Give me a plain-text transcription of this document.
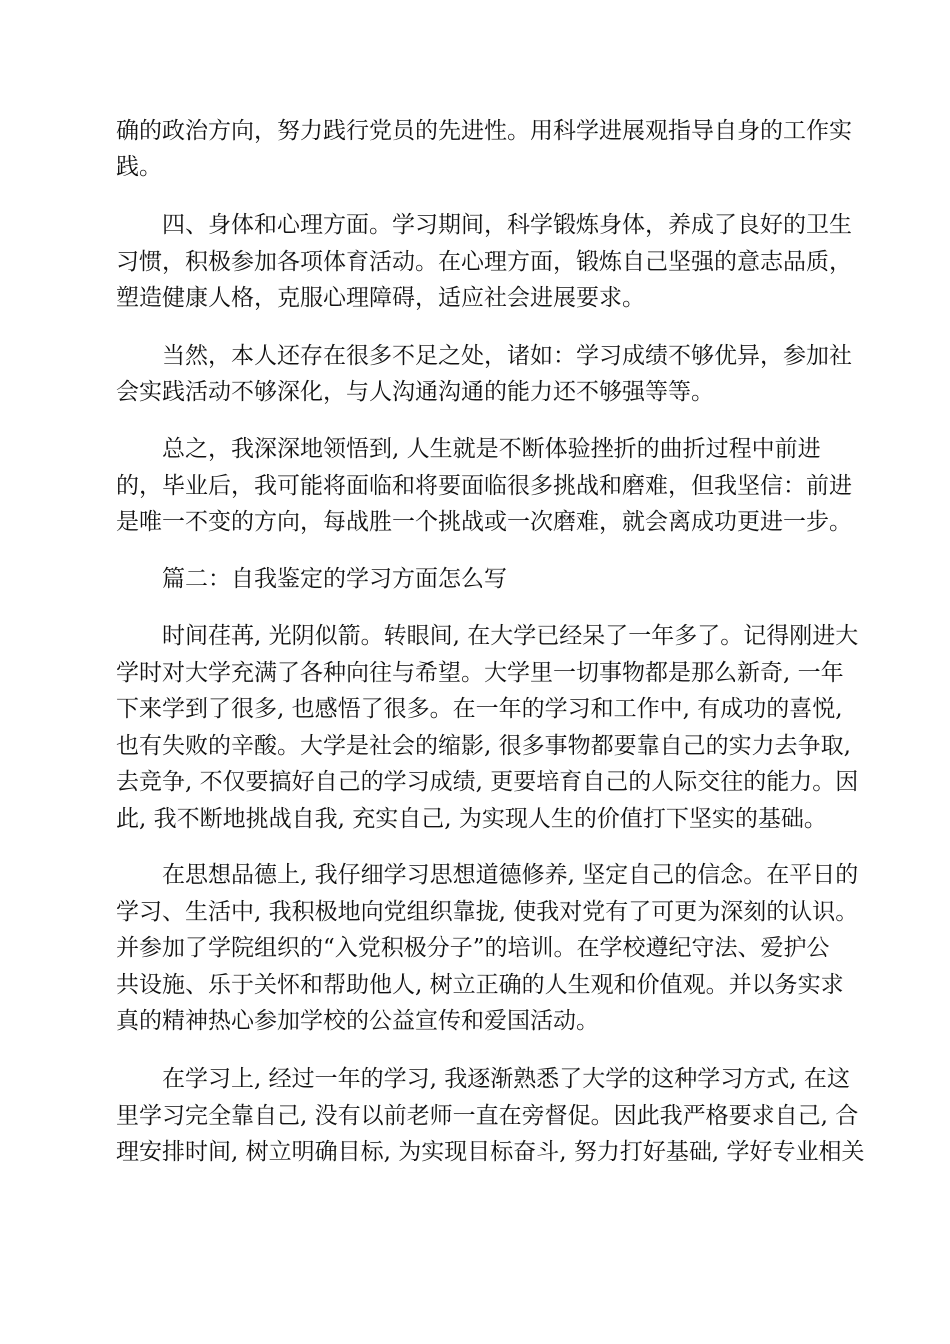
确的政治方向，努力践行党员的先进性。用科学进展观指导自身的工作实
践。
四、身体和心理方面。学习期间，科学锻炼身体，养成了良好的卫生
习惯，积极参加各项体育活动。在心理方面，锻炼自己坚强的意志品质，
塑造健康人格，克服心理障碍，适应社会进展要求。
当然，本人还存在很多不足之处，诸如：学习成绩不够优异，参加社
会实践活动不够深化，与人沟通沟通的能力还不够强等等。
总之，我深深地领悟到, 人生就是不断体验挫折的曲折过程中前进
的，毕业后，我可能将面临和将要面临很多挑战和磨难，但我坚信：前进
是唯一不变的方向，每战胜一个挑战或一次磨难，就会离成功更进一步。
篇二：自我鉴定的学习方面怎么写
时间荏苒, 光阴似箭。转眼间, 在大学已经呆了一年多了。记得刚进大
学时对大学充满了各种向往与希望。大学里一切事物都是那么新奇, 一年
下来学到了很多, 也感悟了很多。在一年的学习和工作中, 有成功的喜悦,
也有失败的辛酸。大学是社会的缩影, 很多事物都要靠自己的实力去争取,
去竞争, 不仅要搞好自己的学习成绩, 更要培育自己的人际交往的能力。因
此, 我不断地挑战自我, 充实自己, 为实现人生的价值打下坚实的基础。
在思想品德上, 我仔细学习思想道德修养, 坚定自己的信念。在平日的
学习、生活中, 我积极地向党组织靠拢, 使我对党有了可更为深刻的认识。
并参加了学院组织的“入党积极分子”的培训。在学校遵纪守法、爱护公
共设施、乐于关怀和帮助他人, 树立正确的人生观和价值观。并以务实求
真的精神热心参加学校的公益宣传和爱国活动。
在学习上, 经过一年的学习, 我逐渐熟悉了大学的这种学习方式, 在这
里学习完全靠自己, 没有以前老师一直在旁督促。因此我严格要求自己, 合
理安排时间, 树立明确目标, 为实现目标奋斗, 努力打好基础, 学好专业相关
